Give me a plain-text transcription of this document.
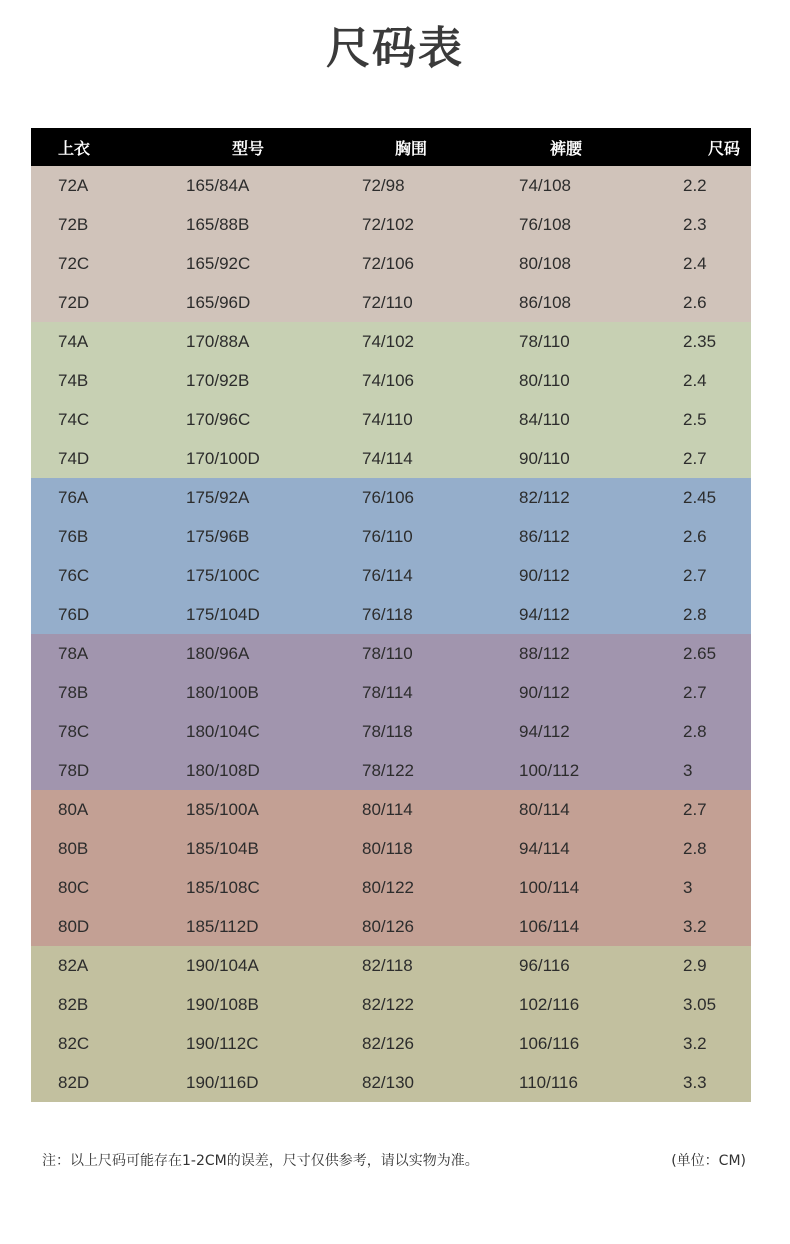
尺码表
上衣	型号	胸围	裤腰	尺码
72A	165/84A	72/98	74/108	2.2
72B	165/88B	72/102	76/108	2.3
72C	165/92C	72/106	80/108	2.4
72D	165/96D	72/110	86/108	2.6
74A	170/88A	74/102	78/110	2.35
74B	170/92B	74/106	80/110	2.4
74C	170/96C	74/110	84/110	2.5
74D	170/100D	74/114	90/110	2.7
76A	175/92A	76/106	82/112	2.45
76B	175/96B	76/110	86/112	2.6
76C	175/100C	76/114	90/112	2.7
76D	175/104D	76/118	94/112	2.8
78A	180/96A	78/110	88/112	2.65
78B	180/100B	78/114	90/112	2.7
78C	180/104C	78/118	94/112	2.8
78D	180/108D	78/122	100/112	3
80A	185/100A	80/114	80/114	2.7
80B	185/104B	80/118	94/114	2.8
80C	185/108C	80/122	100/114	3
80D	185/112D	80/126	106/114	3.2
82A	190/104A	82/118	96/116	2.9
82B	190/108B	82/122	102/116	3.05
82C	190/112C	82/126	106/116	3.2
82D	190/116D	82/130	110/116	3.3
注：以上尺码可能存在1-2CM的误差，尺寸仅供参考，请以实物为准。	(单位：CM)
